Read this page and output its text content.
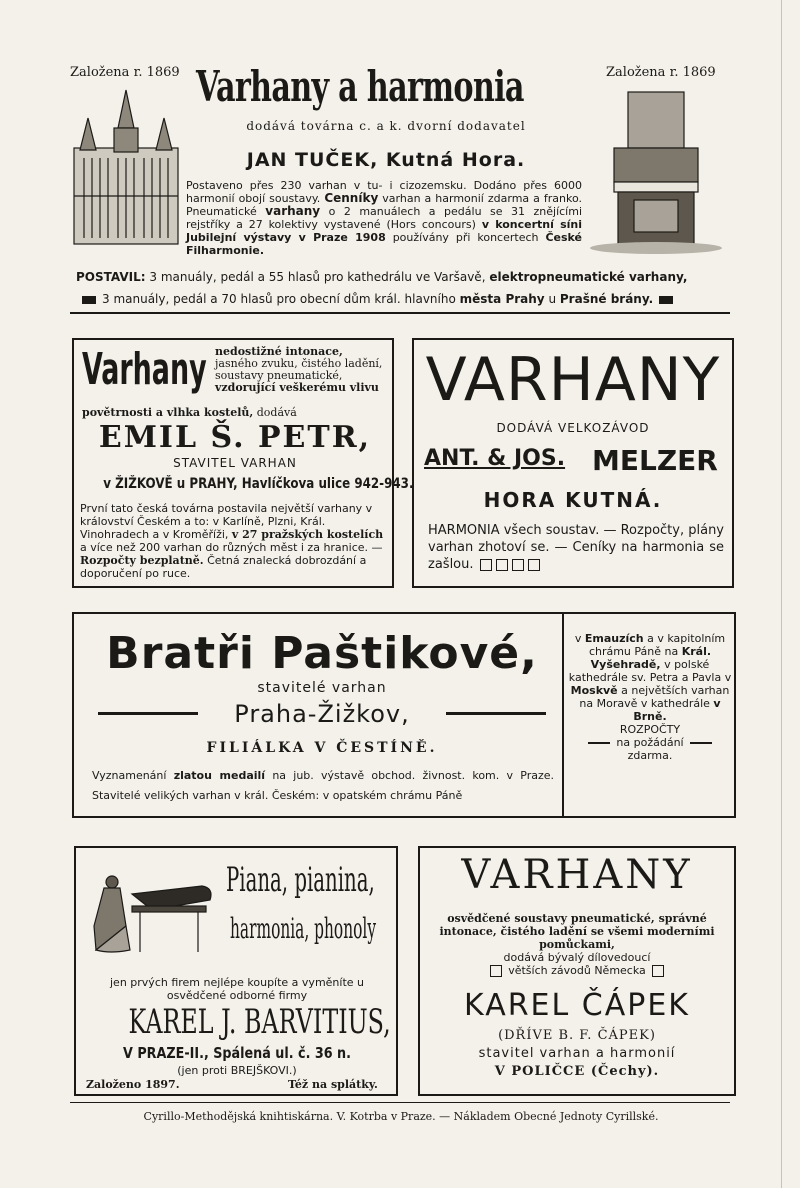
Založena r. 1869	Založena r. 1869
Varhany a harmonia
dodává továrna c. a k. dvorní dodavatel
JAN TUČEK, Kutná Hora.
Postaveno přes 230 varhan v tu- i cizozemsku. Dodáno přes 6000 harmonií obojí soustavy. Cenníky varhan a harmonií zdarma a franko. Pneumatické varhany o 2 manuálech a pedálu se 31 znějícími rejstříky a 27 kolektivy vystavené (Hors concours) v koncertní síni Jubilejní výstavy v Praze 1908 používány při koncertech České Filharmonie.
POSTAVIL: 3 manuály, pedál a 55 hlasů pro kathedrálu ve Varšavě, elektropneumatické varhany,
3 manuály, pedál a 70 hlasů pro obecní dům král. hlavního města Prahy u Prašné brány.
Varhany nedostižné intonace, jasného zvuku, čistého ladění, soustavy pneumatické, vzdorující veškerému vlivu
povětrnosti a vlhka kostelů, dodává
EMIL Š. PETR,
STAVITEL VARHAN
v ŽIŽKOVĚ u PRAHY, Havlíčkova ulice 942-943.
První tato česká továrna postavila největší varhany v království Českém a to: v Karlíně, Plzni, Král. Vinohradech a v Kroměříži, v 27 pražských kostelích a více než 200 varhan do různých měst i za hranice. — Rozpočty bezplatně. Četná znalecká dobrozdání a doporučení po ruce.
VARHANY
DODÁVÁ VELKOZÁVOD
ANT. & JOS. MELZER
HORA KUTNÁ.
HARMONIA všech soustav. — Rozpočty, plány varhan zhotoví se. — Ceníky na harmonia se zašlou.
Bratři Paštikové,
stavitelé varhan
Praha-Žižkov,
FILIÁLKA V ČESTÍNĚ.
Vyznamenání zlatou medailí na jub. výstavě obchod. živnost. kom. v Praze. Stavitelé velikých varhan v král. Českém: v opatském chrámu Páně
v Emauzích a v kapitolním chrámu Páně na Král. Vyšehradě, v polské kathedrále sv. Petra a Pavla v Moskvě a největších varhan na Moravě v kathedrále v Brně.
ROZPOČTY
na požádání
zdarma.
Piana, pianina,
harmonia, phonoly
jen prvých firem nejlépe koupíte a vyměníte u osvědčené odborné firmy
KAREL J. BARVITIUS,
V PRAZE-II., Spálená ul. č. 36 n.
(jen proti BREJŠKOVI.)
Založeno 1897.	Též na splátky.
VARHANY
osvědčené soustavy pneumatické, správné intonace, čistého ladění se všemi moderními pomůckami,
dodává bývalý dílovedoucí
větších závodů Německa
KAREL ČÁPEK
(DŘÍVE B. F. ČÁPEK)
stavitel varhan a harmonií
V POLIČCE (Čechy).
Cyrillo-Methodějská knihtiskárna. V. Kotrba v Praze. — Nákladem Obecné Jednoty Cyrillské.
